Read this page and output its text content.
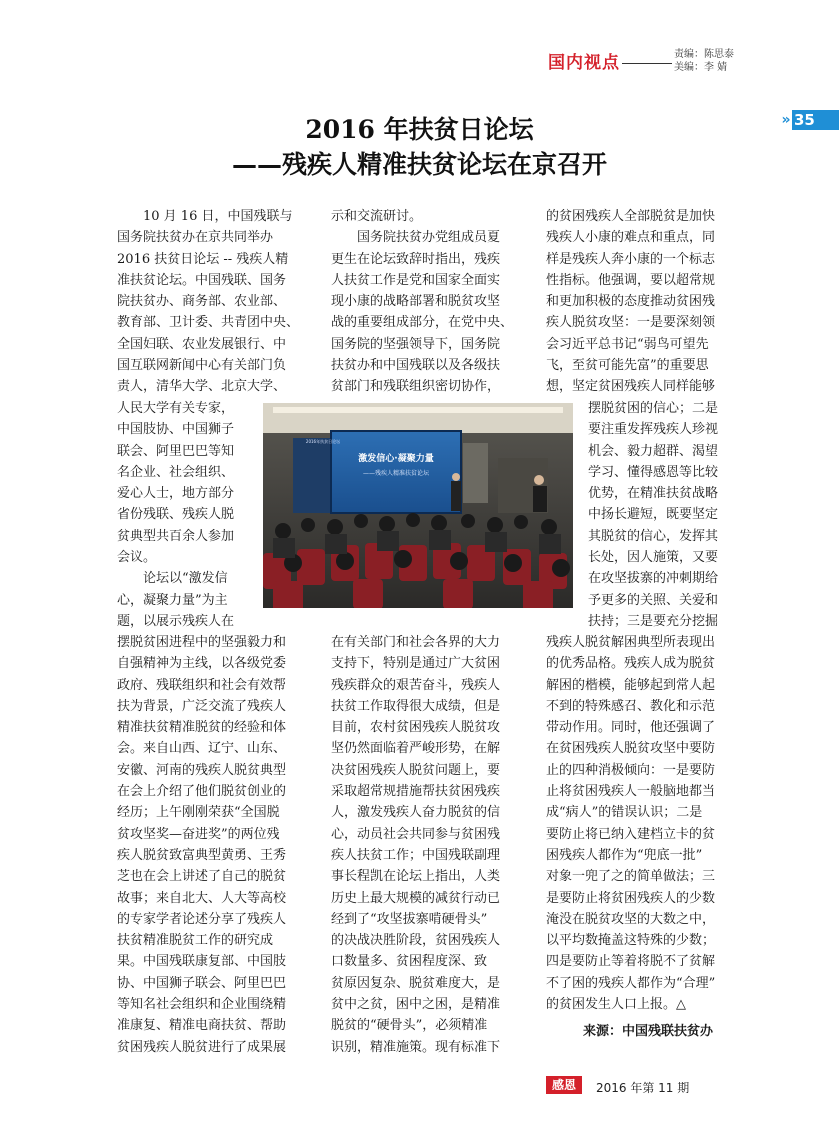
国内视点	责编：陈思泰
美编：李 婧
» 35
2016 年扶贫日论坛
——残疾人精准扶贫论坛在京召开

10 月 16 日，中国残联与

国务院扶贫办在京共同举办

2016 扶贫日论坛 -- 残疾人精

准扶贫论坛。中国残联、国务

院扶贫办、商务部、农业部、

教育部、卫计委、共青团中央、

全国妇联、农业发展银行、中

国互联网新闻中心有关部门负

责人，清华大学、北京大学、

人民大学有关专家，

中国肢协、中国狮子

联会、阿里巴巴等知

名企业、社会组织、

爱心人士，地方部分

省份残联、残疾人脱

贫典型共百余人参加

会议。

论坛以“激发信

心，凝聚力量”为主

题，以展示残疾人在

摆脱贫困进程中的坚强毅力和

自强精神为主线，以各级党委

政府、残联组织和社会有效帮

扶为背景，广泛交流了残疾人

精准扶贫精准脱贫的经验和体

会。来自山西、辽宁、山东、

安徽、河南的残疾人脱贫典型

在会上介绍了他们脱贫创业的

经历；上午刚刚荣获“全国脱

贫攻坚奖—奋进奖”的两位残

疾人脱贫致富典型黄勇、王秀

芝也在会上讲述了自己的脱贫

故事；来自北大、人大等高校

的专家学者论述分享了残疾人

扶贫精准脱贫工作的研究成

果。中国残联康复部、中国肢

协、中国狮子联会、阿里巴巴

等知名社会组织和企业围绕精

准康复、精准电商扶贫、帮助

贫困残疾人脱贫进行了成果展

示和交流研讨。

国务院扶贫办党组成员夏

更生在论坛致辞时指出，残疾

人扶贫工作是党和国家全面实

现小康的战略部署和脱贫攻坚

战的重要组成部分，在党中央、

国务院的坚强领导下，国务院

扶贫办和中国残联以及各级扶

贫部门和残联组织密切协作，

在有关部门和社会各界的大力

支持下，特别是通过广大贫困

残疾群众的艰苦奋斗，残疾人

扶贫工作取得很大成绩，但是

目前，农村贫困残疾人脱贫攻

坚仍然面临着严峻形势，在解

决贫困残疾人脱贫问题上，要

采取超常规措施帮扶贫困残疾

人，激发残疾人奋力脱贫的信

心，动员社会共同参与贫困残

疾人扶贫工作；中国残联副理

事长程凯在论坛上指出，人类

历史上最大规模的减贫行动已

经到了“攻坚拔寨啃硬骨头”

的决战决胜阶段，贫困残疾人

口数量多、贫困程度深、致

贫原因复杂、脱贫难度大，是

贫中之贫，困中之困，是精准

脱贫的“硬骨头”，必须精准

识别，精准施策。现有标准下

的贫困残疾人全部脱贫是加快

残疾人小康的难点和重点，同

样是残疾人奔小康的一个标志

性指标。他强调，要以超常规

和更加积极的态度推动贫困残

疾人脱贫攻坚：一是要深刻领

会习近平总书记“弱鸟可望先

飞，至贫可能先富”的重要思

想，坚定贫困残疾人同样能够

摆脱贫困的信心；二是

要注重发挥残疾人珍视

机会、毅力超群、渴望

学习、懂得感恩等比较

优势，在精准扶贫战略

中扬长避短，既要坚定

其脱贫的信心，发挥其

长处，因人施策，又要

在攻坚拔寨的冲刺期给

予更多的关照、关爱和

扶持；三是要充分挖掘

残疾人脱贫解困典型所表现出

的优秀品格。残疾人成为脱贫

解困的楷模，能够起到常人起

不到的特殊感召、教化和示范

带动作用。同时，他还强调了

在贫困残疾人脱贫攻坚中要防

止的四种消极倾向：一是要防

止将贫困残疾人一般脑地都当

成“病人”的错误认识；二是

要防止将已纳入建档立卡的贫

困残疾人都作为“兜底一批”

对象一兜了之的简单做法；三

是要防止将贫困残疾人的少数

淹没在脱贫攻坚的大数之中，

以平均数掩盖这特殊的少数；

四是要防止等着将脱不了贫解

不了困的残疾人都作为“合理”

的贫困发生人口上报。△

激发信心·凝聚力量
——残疾人精准扶贫论坛
2016年扶贫日论坛
来源：中国残联扶贫办
感恩	2016 年第 11 期
